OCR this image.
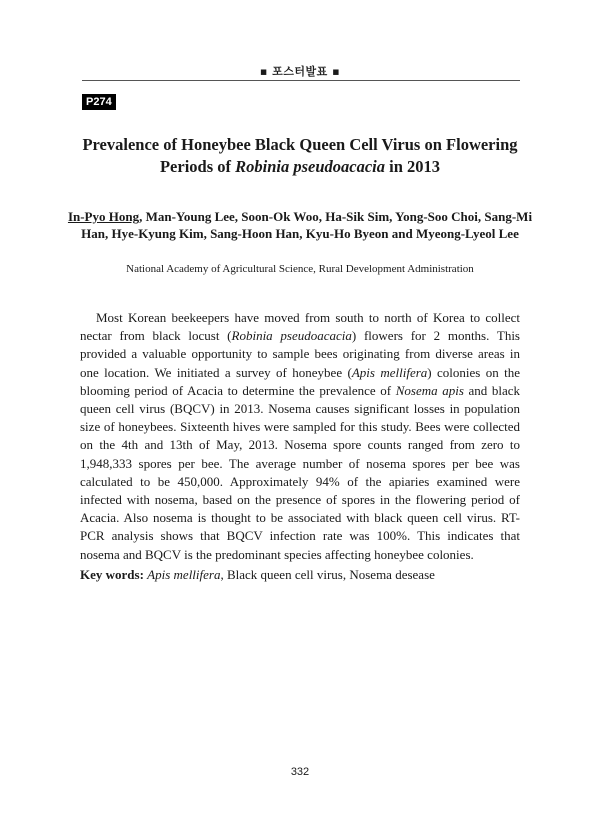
▪ 포스터발표 ▪
P274
Prevalence of Honeybee Black Queen Cell Virus on Flowering Periods of Robinia pseudoacacia in 2013

In-Pyo Hong, Man-Young Lee, Soon-Ok Woo, Ha-Sik Sim, Yong-Soo Choi, Sang-Mi Han, Hye-Kyung Kim, Sang-Hoon Han, Kyu-Ho Byeon and Myeong-Lyeol Lee

National Academy of Agricultural Science, Rural Development Administration

Most Korean beekeepers have moved from south to north of Korea to collect nectar from black locust (Robinia pseudoacacia) flowers for 2 months. This provided a valuable opportunity to sample bees originating from diverse areas in one location. We initiated a survey of honeybee (Apis mellifera) colonies on the blooming period of Acacia to determine the prevalence of Nosema apis and black queen cell virus (BQCV) in 2013. Nosema causes significant losses in population size of honeybees. Sixteenth hives were sampled for this study. Bees were collected on the 4th and 13th of May, 2013. Nosema spore counts ranged from zero to 1,948,333 spores per bee. The average number of nosema spores per bee was calculated to be 450,000. Approximately 94% of the apiaries examined were infected with nosema, based on the presence of spores in the flowering period of Acacia. Also nosema is thought to be associated with black queen cell virus. RT-PCR analysis shows that BQCV infection rate was 100%. This indicates that nosema and BQCV is the predominant species affecting honeybee colonies.

Key words: Apis mellifera, Black queen cell virus, Nosema desease

332
